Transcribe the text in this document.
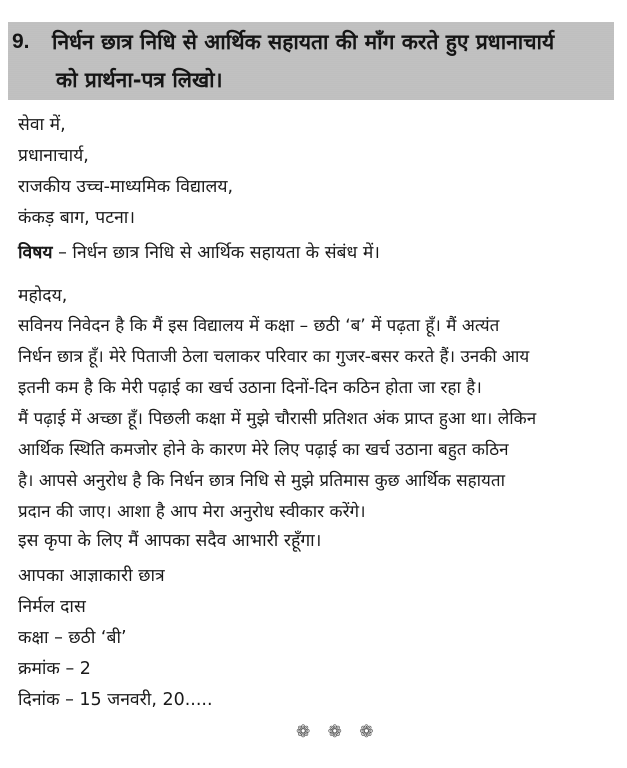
9. निर्धन छात्र निधि से आर्थिक सहायता की माँग करते हुए प्रधानाचार्य
को प्रार्थना-पत्र लिखो।
सेवा में,
प्रधानाचार्य,
राजकीय उच्च-माध्यमिक विद्यालय,
कंकड़ बाग, पटना।
विषय – निर्धन छात्र निधि से आर्थिक सहायता के संबंध में।
महोदय,
सविनय निवेदन है कि मैं इस विद्यालय में कक्षा – छठी ‘ब’ में पढ़ता हूँ। मैं अत्यंत
निर्धन छात्र हूँ। मेरे पिताजी ठेला चलाकर परिवार का गुजर-बसर करते हैं। उनकी आय
इतनी कम है कि मेरी पढ़ाई का खर्च उठाना दिनों-दिन कठिन होता जा रहा है।
मैं पढ़ाई में अच्छा हूँ। पिछली कक्षा में मुझे चौरासी प्रतिशत अंक प्राप्त हुआ था। लेकिन
आर्थिक स्थिति कमजोर होने के कारण मेरे लिए पढ़ाई का खर्च उठाना बहुत कठिन
है। आपसे अनुरोध है कि निर्धन छात्र निधि से मुझे प्रतिमास कुछ आर्थिक सहायता
प्रदान की जाए। आशा है आप मेरा अनुरोध स्वीकार करेंगे।
इस कृपा के लिए मैं आपका सदैव आभारी रहूँगा।
आपका आज्ञाकारी छात्र
निर्मल दास
कक्षा – छठी ‘बी’
क्रमांक – 2
दिनांक – 15 जनवरी, 20.....
❁ ❁ ❁
